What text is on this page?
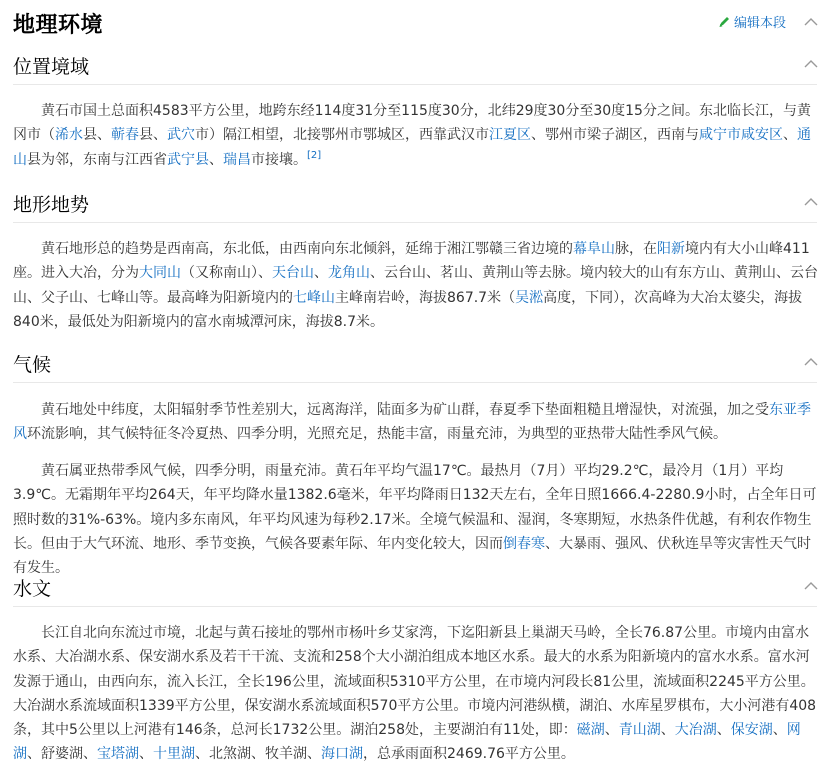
地理环境	编辑本段
位置境域

黄石市国土总面积4583平方公里，地跨东经114度31分至115度30分，北纬29度30分至30度15分之间。东北临长江，与黄冈市（浠水县、蕲春县、武穴市）隔江相望，北接鄂州市鄂城区，西靠武汉市江夏区、鄂州市梁子湖区，西南与咸宁市咸安区、通山县为邻，东南与江西省武宁县、瑞昌市接壤。[2]

地形地势

黄石地形总的趋势是西南高，东北低，由西南向东北倾斜，延绵于湘江鄂赣三省边境的幕阜山脉，在阳新境内有大小山峰411座。进入大冶，分为大同山（又称南山）、天台山、龙角山、云台山、茗山、黄荆山等去脉。境内较大的山有东方山、黄荆山、云台山、父子山、七峰山等。最高峰为阳新境内的七峰山主峰南岩岭，海拔867.7米（吴淞高度，下同），次高峰为大冶太婆尖，海拔840米，最低处为阳新境内的富水南城潭河床，海拔8.7米。

气候

黄石地处中纬度，太阳辐射季节性差别大，远离海洋，陆面多为矿山群，春夏季下垫面粗糙且增湿快，对流强，加之受东亚季风环流影响，其气候特征冬冷夏热、四季分明，光照充足，热能丰富，雨量充沛，为典型的亚热带大陆性季风气候。

黄石属亚热带季风气候，四季分明，雨量充沛。黄石年平均气温17℃。最热月（7月）平均29.2℃，最冷月（1月）平均3.9℃。无霜期年平均264天，年平均降水量1382.6毫米，年平均降雨日132天左右，全年日照1666.4-2280.9小时，占全年日可照时数的31%-63%。境内多东南风，年平均风速为每秒2.17米。全境气候温和、湿润，冬寒期短，水热条件优越，有利农作物生长。但由于大气环流、地形、季节变换，气候各要素年际、年内变化较大，因而倒春寒、大暴雨、强风、伏秋连旱等灾害性天气时有发生。

水文

长江自北向东流过市境，北起与黄石接址的鄂州市杨叶乡艾家湾，下迄阳新县上巢湖天马岭，全长76.87公里。市境内由富水水系、大冶湖水系、保安湖水系及若干干流、支流和258个大小湖泊组成本地区水系。最大的水系为阳新境内的富水水系。富水河发源于通山，由西向东，流入长江，全长196公里，流域面积5310平方公里，在市境内河段长81公里，流域面积2245平方公里。大冶湖水系流域面积1339平方公里，保安湖水系流域面积570平方公里。市境内河港纵横，湖泊、水库星罗棋布，大小河港有408条，其中5公里以上河港有146条，总河长1732公里。湖泊258处，主要湖泊有11处，即：磁湖、青山湖、大冶湖、保安湖、网湖、舒婆湖、宝塔湖、十里湖、北煞湖、牧羊湖、海口湖，总承雨面积2469.76平方公里。
